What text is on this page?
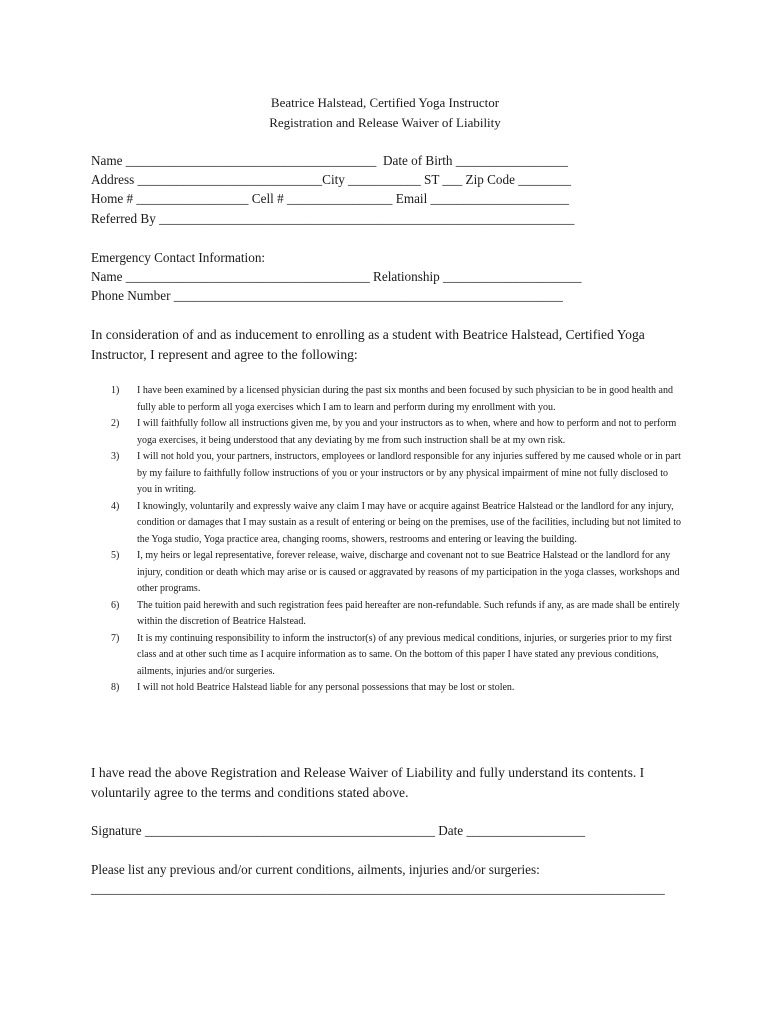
Beatrice Halstead, Certified Yoga Instructor
Registration and Release Waiver of Liability
Name ______________________________________  Date of Birth _________________
Address ____________________________City ___________ ST ___ Zip Code ________
Home # _________________ Cell # ________________ Email _____________________
Referred By _______________________________________________________________
Emergency Contact Information:
Name _____________________________________ Relationship _____________________
Phone Number ___________________________________________________________
In consideration of and as inducement to enrolling as a student with Beatrice Halstead, Certified Yoga Instructor, I represent and agree to the following:
1) I have been examined by a licensed physician during the past six months and been focused by such physician to be in good health and fully able to perform all yoga exercises which I am to learn and perform during my enrollment with you.
2) I will faithfully follow all instructions given me, by you and your instructors as to when, where and how to perform and not to perform yoga exercises, it being understood that any deviating by me from such instruction shall be at my own risk.
3) I will not hold you, your partners, instructors, employees or landlord responsible for any injuries suffered by me caused whole or in part by my failure to faithfully follow instructions of you or your instructors or by any physical impairment of mine not fully disclosed to you in writing.
4) I knowingly, voluntarily and expressly waive any claim I may have or acquire against Beatrice Halstead or the landlord for any injury, condition or damages that I may sustain as a result of entering or being on the premises, use of the facilities, including but not limited to the Yoga studio, Yoga practice area, changing rooms, showers, restrooms and entering or leaving the building.
5) I, my heirs or legal representative, forever release, waive, discharge and covenant not to sue Beatrice Halstead or the landlord for any injury, condition or death which may arise or is caused or aggravated by reasons of my participation in the yoga classes, workshops and other programs.
6) The tuition paid herewith and such registration fees paid hereafter are non-refundable. Such refunds if any, as are made shall be entirely within the discretion of Beatrice Halstead.
7) It is my continuing responsibility to inform the instructor(s) of any previous medical conditions, injuries, or surgeries prior to my first class and at other such time as I acquire information as to same. On the bottom of this paper I have stated any previous conditions, ailments, injuries and/or surgeries.
8) I will not hold Beatrice Halstead liable for any personal possessions that may be lost or stolen.
I have read the above Registration and Release Waiver of Liability and fully understand its contents. I voluntarily agree to the terms and conditions stated above.
Signature ____________________________________________ Date __________________
Please list any previous and/or current conditions, ailments, injuries and/or surgeries:
_______________________________________________________________________________________
